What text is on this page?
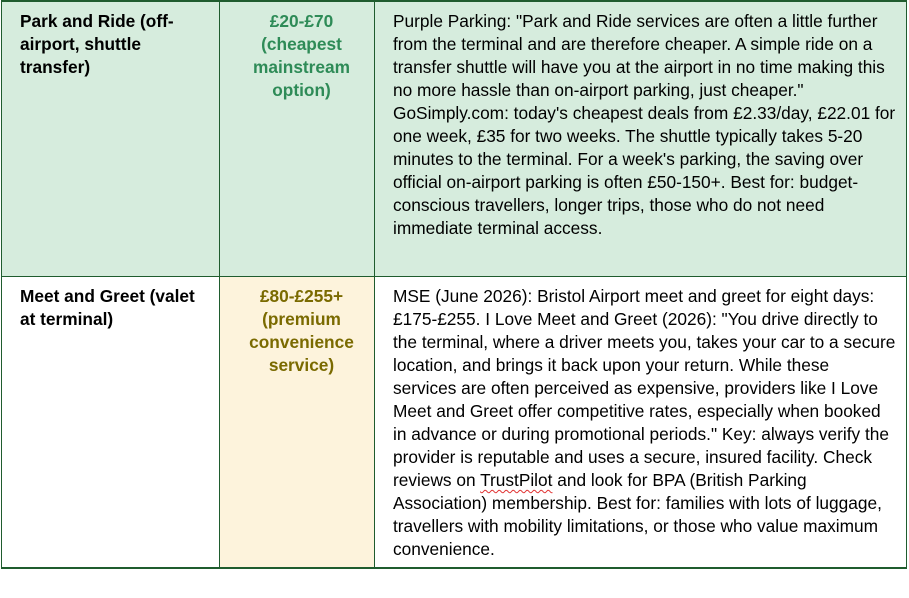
Park and Ride (off-airport, shuttle transfer)	£20-£70 (cheapest mainstream option)	Purple Parking: "Park and Ride services are often a little further from the terminal and are therefore cheaper. A simple ride on a transfer shuttle will have you at the airport in no time making this no more hassle than on-airport parking, just cheaper." GoSimply.com: today's cheapest deals from £2.33/day, £22.01 for one week, £35 for two weeks. The shuttle typically takes 5-20 minutes to the terminal. For a week's parking, the saving over official on-airport parking is often £50-150+. Best for: budget-conscious travellers, longer trips, those who do not need immediate terminal access.
Meet and Greet (valet at terminal)	£80-£255+ (premium convenience service)	MSE (June 2026): Bristol Airport meet and greet for eight days: £175-£255. I Love Meet and Greet (2026): "You drive directly to the terminal, where a driver meets you, takes your car to a secure location, and brings it back upon your return. While these services are often perceived as expensive, providers like I Love Meet and Greet offer competitive rates, especially when booked in advance or during promotional periods." Key: always verify the provider is reputable and uses a secure, insured facility. Check reviews on TrustPilot and look for BPA (British Parking Association) membership. Best for: families with lots of luggage, travellers with mobility limitations, or those who value maximum convenience.
